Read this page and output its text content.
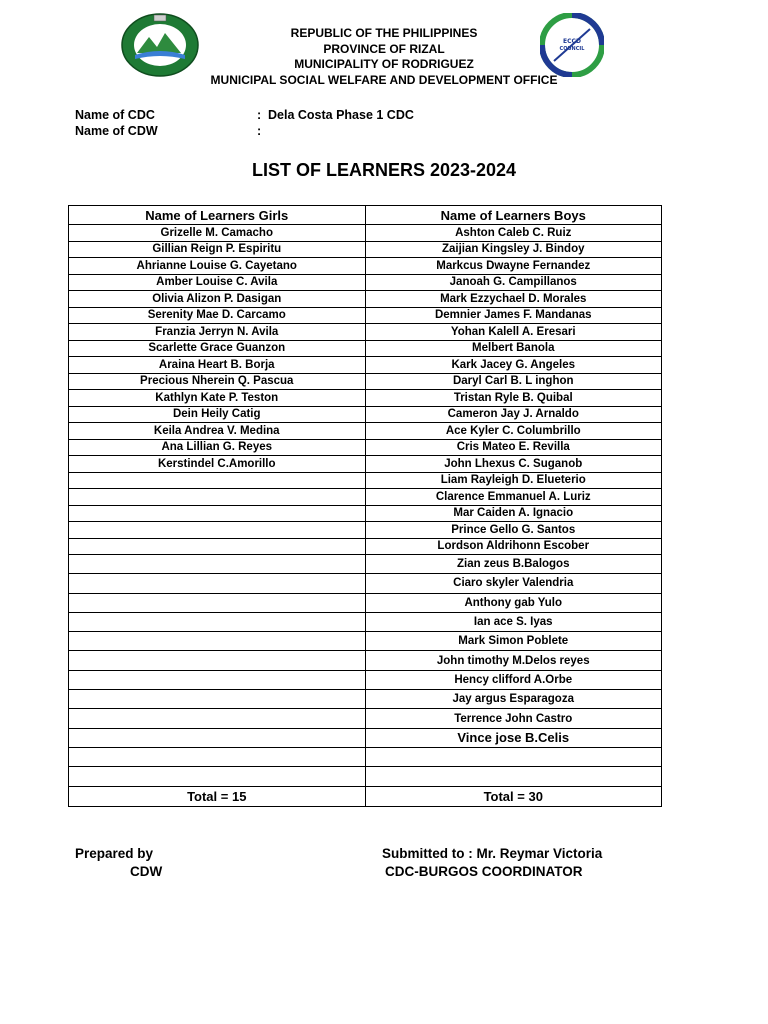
ECCD
COUNCIL
REPUBLIC OF THE PHILIPPINES
PROVINCE OF RIZAL
MUNICIPALITY OF RODRIGUEZ
MUNICIPAL SOCIAL WELFARE AND DEVELOPMENT OFFICE
Name of CDC	: Dela Costa Phase 1 CDC
Name of CDW	:
LIST OF LEARNERS 2023-2024
Name of Learners Girls	Name of Learners Boys
Grizelle M. Camacho	Ashton Caleb C. Ruiz
Gillian Reign P. Espiritu	Zaijian Kingsley J. Bindoy
Ahrianne Louise G. Cayetano	Markcus Dwayne Fernandez
Amber Louise C. Avila	Janoah G. Campillanos
Olivia Alizon P. Dasigan	Mark Ezzychael D. Morales
Serenity Mae D. Carcamo	Demnier James F. Mandanas
Franzia Jerryn N. Avila	Yohan Kalell A. Eresari
Scarlette Grace Guanzon	Melbert Banola
Araina Heart B. Borja	Kark Jacey G. Angeles
Precious Nherein Q. Pascua	Daryl Carl B. L inghon
Kathlyn Kate P. Teston	Tristan Ryle B. Quibal
Dein Heily Catig	Cameron Jay J. Arnaldo
Keila Andrea V. Medina	Ace Kyler C. Columbrillo
Ana Lillian G. Reyes	Cris Mateo E. Revilla
Kerstindel C.Amorillo	John Lhexus C. Suganob
	Liam Rayleigh D. Elueterio
	Clarence Emmanuel A. Luriz
	Mar Caiden A. Ignacio
	Prince Gello G. Santos
	Lordson Aldrihonn Escober
	Zian zeus B.Balogos
	Ciaro skyler Valendria
	Anthony gab Yulo
	Ian ace S. Iyas
	Mark Simon Poblete
	John timothy M.Delos reyes
	Hency clifford A.Orbe
	Jay argus Esparagoza
	Terrence John Castro
	Vince jose B.Celis

Total = 15	Total = 30
Prepared by
CDW
Submitted to : Mr. Reymar Victoria
CDC-BURGOS COORDINATOR
